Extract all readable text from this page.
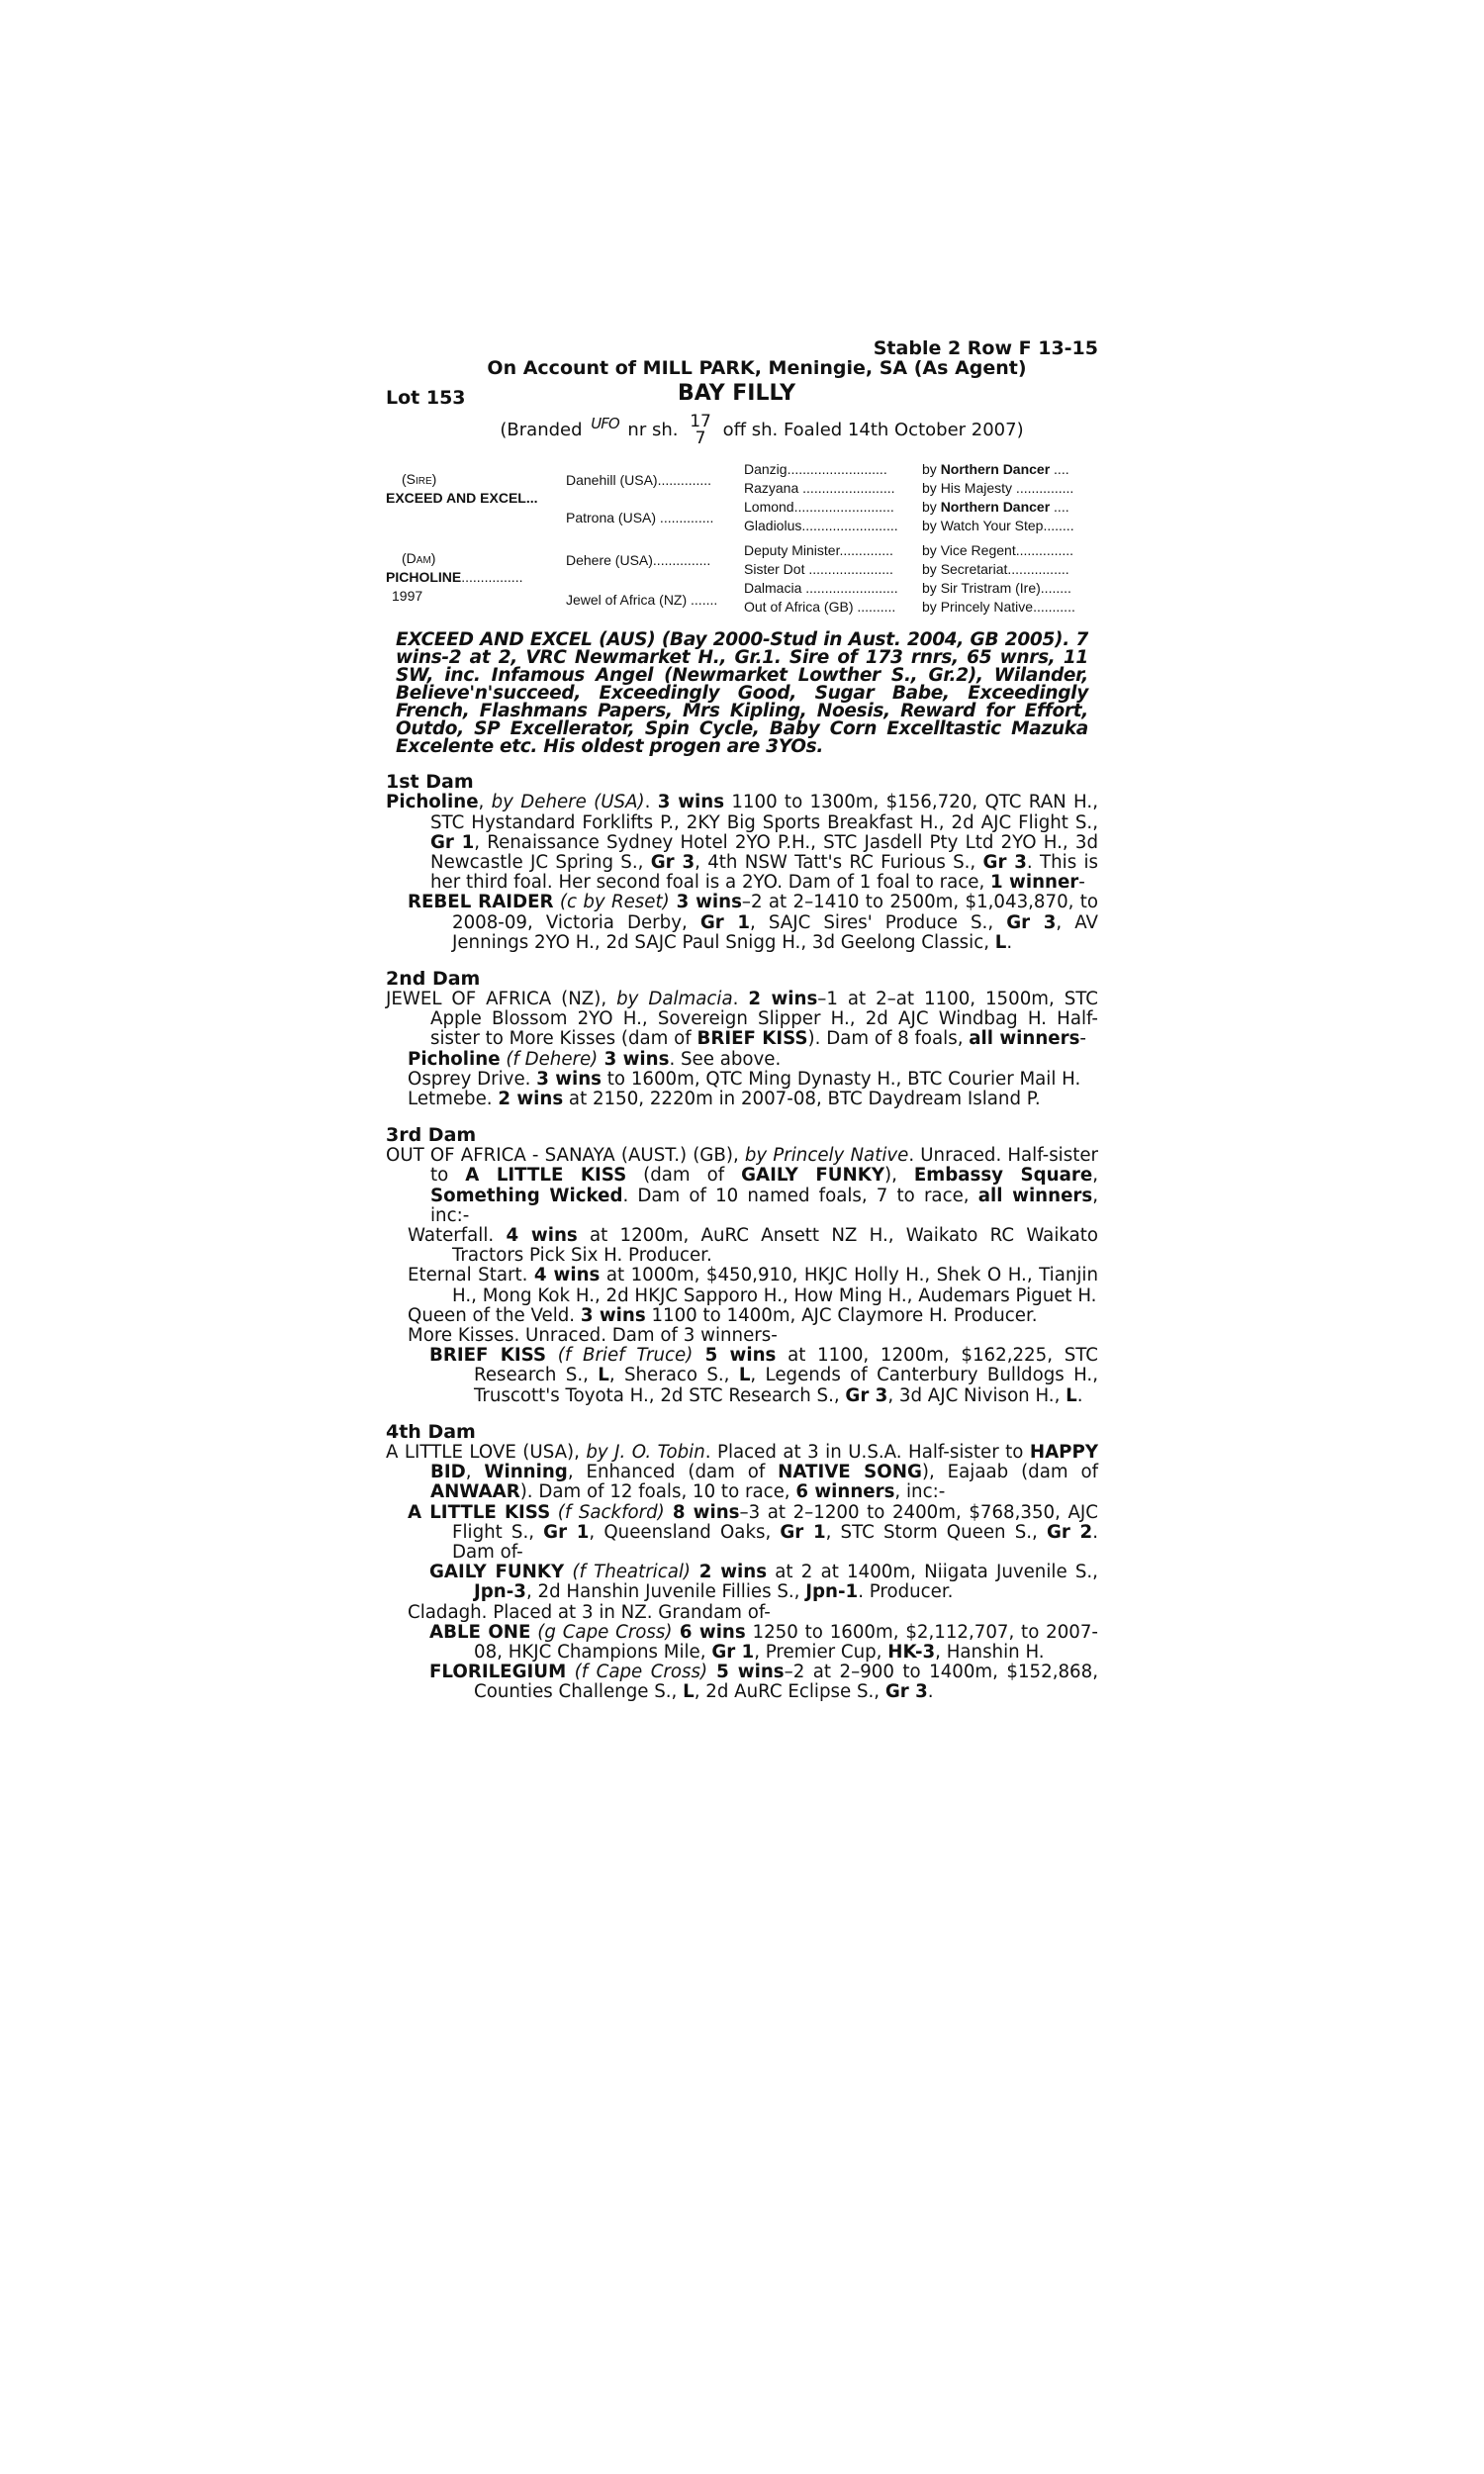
Stable 2 Row F 13-15
On Account of MILL PARK, Meningie, SA (As Agent)
Lot 153	BAY FILLY
(Branded UFO nr sh. 17
7 off sh. Foaled 14th October 2007)
(Sire)
EXCEED AND EXCEL...
(Dam)
PICHOLINE................
1997
Danehill (USA)..............
Patrona (USA) ..............
Dehere (USA)...............
Jewel of Africa (NZ) .......
Danzig..........................
Razyana ........................
Lomond..........................
Gladiolus.........................
Deputy Minister..............
Sister Dot ......................
Dalmacia ........................
Out of Africa (GB) ..........
by Northern Dancer ....
by His Majesty ...............
by Northern Dancer ....
by Watch Your Step........
by Vice Regent...............
by Secretariat................
by Sir Tristram (Ire)........
by Princely Native...........
EXCEED AND EXCEL (AUS) (Bay 2000-Stud in Aust. 2004, GB 2005). 7 wins-2 at 2, VRC Newmarket H., Gr.1. Sire of 173 rnrs, 65 wnrs, 11 SW, inc. Infamous Angel (Newmarket Lowther S., Gr.2), Wilander, Believe'n'succeed, Exceedingly Good, Sugar Babe, Exceedingly French, Flashmans Papers, Mrs Kipling, Noesis, Reward for Effort, Outdo, SP Excellerator, Spin Cycle, Baby Corn Excelltastic Mazuka Excelente etc. His oldest progen are 3YOs.
1st Dam

Picholine, by Dehere (USA). 3 wins 1100 to 1300m, $156,720, QTC RAN H., STC Hystandard Forklifts P., 2KY Big Sports Breakfast H., 2d AJC Flight S., Gr 1, Renaissance Sydney Hotel 2YO P.H., STC Jasdell Pty Ltd 2YO H., 3d Newcastle JC Spring S., Gr 3, 4th NSW Tatt's RC Furious S., Gr 3. This is her third foal. Her second foal is a 2YO. Dam of 1 foal to race, 1 winner-

REBEL RAIDER (c by Reset) 3 wins–2 at 2–1410 to 2500m, $1,043,870, to 2008-09, Victoria Derby, Gr 1, SAJC Sires' Produce S., Gr 3, AV Jennings 2YO H., 2d SAJC Paul Snigg H., 3d Geelong Classic, L.

2nd Dam

JEWEL OF AFRICA (NZ), by Dalmacia. 2 wins–1 at 2–at 1100, 1500m, STC Apple Blossom 2YO H., Sovereign Slipper H., 2d AJC Windbag H. Half-sister to More Kisses (dam of BRIEF KISS). Dam of 8 foals, all winners-

Picholine (f Dehere) 3 wins. See above.

Osprey Drive. 3 wins to 1600m, QTC Ming Dynasty H., BTC Courier Mail H.

Letmebe. 2 wins at 2150, 2220m in 2007-08, BTC Daydream Island P.

3rd Dam

OUT OF AFRICA - SANAYA (AUST.) (GB), by Princely Native. Unraced. Half-sister to A LITTLE KISS (dam of GAILY FUNKY), Embassy Square, Something Wicked. Dam of 10 named foals, 7 to race, all winners, inc:-

Waterfall. 4 wins at 1200m, AuRC Ansett NZ H., Waikato RC Waikato Tractors Pick Six H. Producer.

Eternal Start. 4 wins at 1000m, $450,910, HKJC Holly H., Shek O H., Tianjin H., Mong Kok H., 2d HKJC Sapporo H., How Ming H., Audemars Piguet H.

Queen of the Veld. 3 wins 1100 to 1400m, AJC Claymore H. Producer.

More Kisses. Unraced. Dam of 3 winners-

BRIEF KISS (f Brief Truce) 5 wins at 1100, 1200m, $162,225, STC Research S., L, Sheraco S., L, Legends of Canterbury Bulldogs H., Truscott's Toyota H., 2d STC Research S., Gr 3, 3d AJC Nivison H., L.

4th Dam

A LITTLE LOVE (USA), by J. O. Tobin. Placed at 3 in U.S.A. Half-sister to HAPPY BID, Winning, Enhanced (dam of NATIVE SONG), Eajaab (dam of ANWAAR). Dam of 12 foals, 10 to race, 6 winners, inc:-

A LITTLE KISS (f Sackford) 8 wins–3 at 2–1200 to 2400m, $768,350, AJC Flight S., Gr 1, Queensland Oaks, Gr 1, STC Storm Queen S., Gr 2. Dam of-

GAILY FUNKY (f Theatrical) 2 wins at 2 at 1400m, Niigata Juvenile S., Jpn-3, 2d Hanshin Juvenile Fillies S., Jpn-1. Producer.

Cladagh. Placed at 3 in NZ. Grandam of-

ABLE ONE (g Cape Cross) 6 wins 1250 to 1600m, $2,112,707, to 2007-08, HKJC Champions Mile, Gr 1, Premier Cup, HK-3, Hanshin H.

FLORILEGIUM (f Cape Cross) 5 wins–2 at 2–900 to 1400m, $152,868, Counties Challenge S., L, 2d AuRC Eclipse S., Gr 3.
